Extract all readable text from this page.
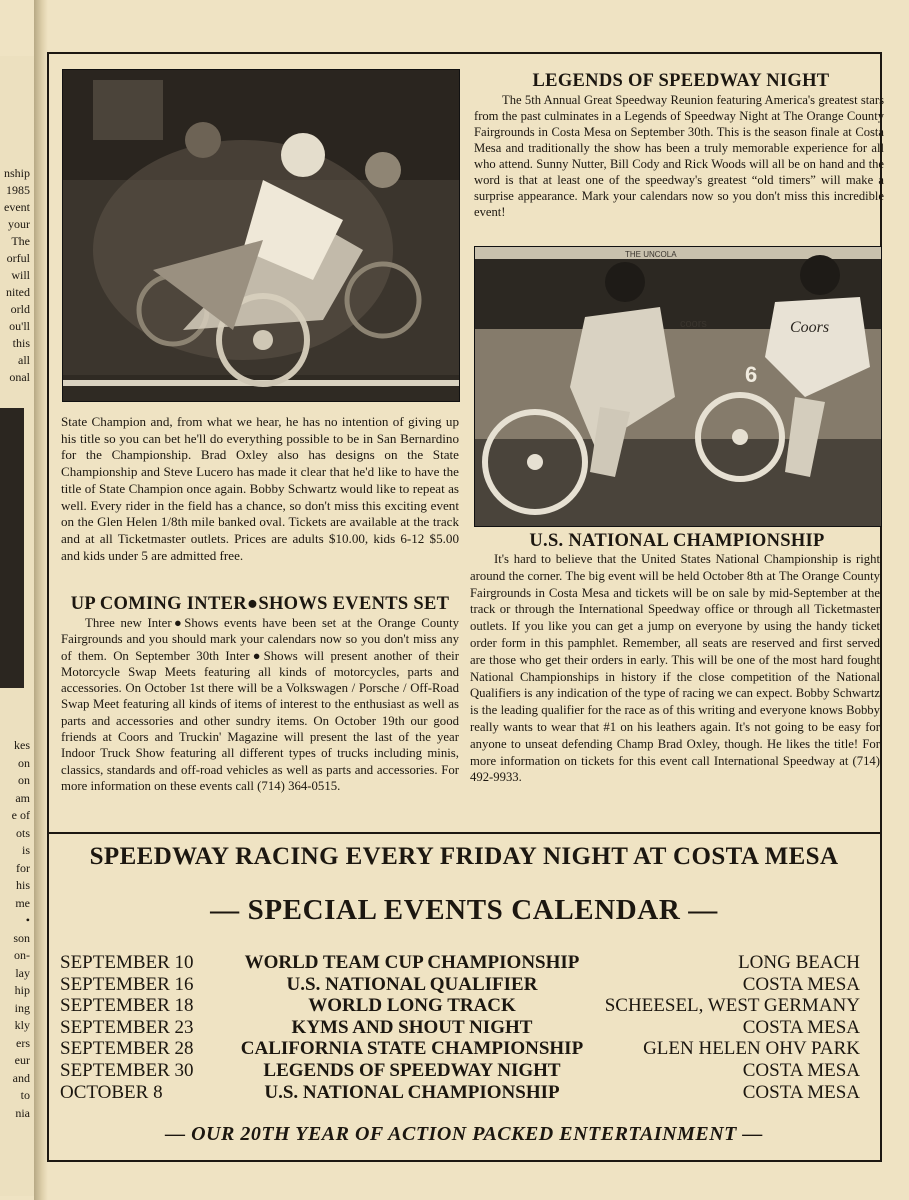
nship
1985
event
your
The
orful
will
nited
orld
ou'll
this
all
onal
kes
on
on
am
e of
ots
is
for
his
me
•
son
on-
lay
hip
ing
kly
ers
eur
and
to
nia
LEGENDS OF SPEEDWAY NIGHT
The 5th Annual Great Speedway Reunion featuring America's greatest stars from the past culminates in a Legends of Speedway Night at The Orange County Fairgrounds in Costa Mesa on September 30th. This is the season finale at Costa Mesa and traditionally the show has been a truly memorable experience for all who attend. Sunny Nutter, Bill Cody and Rick Woods will all be on hand and the word is that at least one of the speedway's greatest “old timers” will make a surprise appearance. Mark your calendars now so you don't miss this incredible event!
THE UNCOLA
Coors
coors
6
State Champion and, from what we hear, he has no intention of giving up his title so you can bet he'll do everything possible to be in San Bernardino for the Championship. Brad Oxley also has designs on the State Championship and Steve Lucero has made it clear that he'd like to have the title of State Champion once again. Bobby Schwartz would like to repeat as well. Every rider in the field has a chance, so don't miss this exciting event on the Glen Helen 1/8th mile banked oval. Tickets are available at the track and at all Ticketmaster outlets. Prices are adults $10.00, kids 6-12 $5.00 and kids under 5 are admitted free.
UP COMING INTER●SHOWS EVENTS SET
Three new Inter●Shows events have been set at the Orange County Fairgrounds and you should mark your calendars now so you don't miss any of them. On September 30th Inter●Shows will present another of their Motorcycle Swap Meets featuring all kinds of motorcycles, parts and accessories. On October 1st there will be a Volkswagen / Porsche / Off-Road Swap Meet featuring all kinds of items of interest to the enthusiast as well as parts and accessories and other sundry items. On October 19th our good friends at Coors and Truckin' Magazine will present the last of the year Indoor Truck Show featuring all different types of trucks including minis, classics, standards and off-road vehicles as well as parts and accessories. For more information on these events call (714) 364-0515.
U.S. NATIONAL CHAMPIONSHIP
It's hard to believe that the United States National Championship is right around the corner. The big event will be held October 8th at The Orange County Fairgrounds in Costa Mesa and tickets will be on sale by mid-September at the track or through the International Speedway office or through all Ticketmaster outlets. If you like you can get a jump on everyone by using the handy ticket order form in this pamphlet. Remember, all seats are reserved and first served are those who get their orders in early. This will be one of the most hard fought National Championships in history if the close competition of the National Qualifiers is any indication of the type of racing we can expect. Bobby Schwartz is the leading qualifier for the race as of this writing and everyone knows Bobby really wants to wear that #1 on his leathers again. It's not going to be easy for anyone to unseat defending Champ Brad Oxley, though. He likes the title! For more information on tickets for this event call International Speedway at (714) 492-9933.
SPEEDWAY RACING EVERY FRIDAY NIGHT AT COSTA MESA
— SPECIAL EVENTS CALENDAR —
SEPTEMBER 10	WORLD TEAM CUP CHAMPIONSHIP	LONG BEACH
SEPTEMBER 16	U.S. NATIONAL QUALIFIER	COSTA MESA
SEPTEMBER 18	WORLD LONG TRACK	SCHEESEL, WEST GERMANY
SEPTEMBER 23	KYMS AND SHOUT NIGHT	COSTA MESA
SEPTEMBER 28	CALIFORNIA STATE CHAMPIONSHIP	GLEN HELEN OHV PARK
SEPTEMBER 30	LEGENDS OF SPEEDWAY NIGHT	COSTA MESA
OCTOBER 8	U.S. NATIONAL CHAMPIONSHIP	COSTA MESA
— OUR 20TH YEAR OF ACTION PACKED ENTERTAINMENT —
